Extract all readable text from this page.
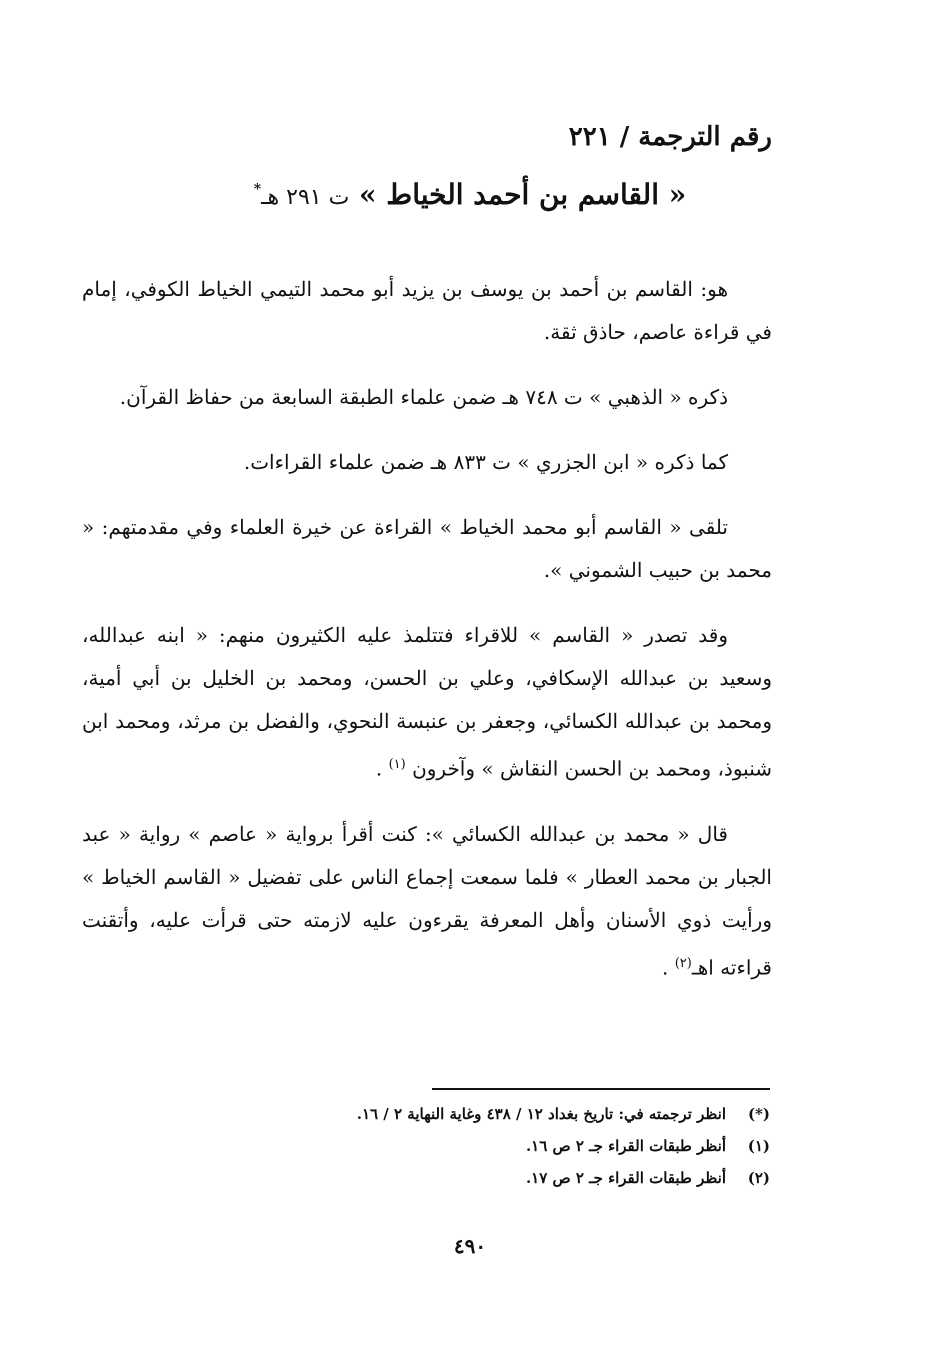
رقم الترجمة / ٢٢١
« القاسم بن أحمد الخياط » ت ٢٩١ هـ*

هو: القاسم بن أحمد بن يوسف بن يزيد أبو محمد التيمي الخياط الكوفي، إمام في قراءة عاصم، حاذق ثقة.

ذكره « الذهبي » ت ٧٤٨ هـ ضمن علماء الطبقة السابعة من حفاظ القرآن.

كما ذكره « ابن الجزري » ت ٨٣٣ هـ ضمن علماء القراءات.

تلقى « القاسم أبو محمد الخياط » القراءة عن خيرة العلماء وفي مقدمتهم: « محمد بن حبيب الشموني ».

وقد تصدر « القاسم » للاقراء فتتلمذ عليه الكثيرون منهم: « ابنه عبدالله، وسعيد بن عبدالله الإسكافي، وعلي بن الحسن، ومحمد بن الخليل بن أبي أمية، ومحمد بن عبدالله الكسائي، وجعفر بن عنبسة النحوي، والفضل بن مرثد، ومحمد ابن شنبوذ، ومحمد بن الحسن النقاش » وآخرون $^{(١)}$ .

قال « محمد بن عبدالله الكسائي »: كنت أقرأ برواية « عاصم » رواية « عبد الجبار بن محمد العطار » فلما سمعت إجماع الناس على تفضيل « القاسم الخياط » ورأيت ذوي الأسنان وأهل المعرفة يقرءون عليه لازمته حتى قرأت عليه، وأتقنت قراءته اهـ$^{(٢)}$ .

(*)
انظر ترجمته في: تاريخ بغداد ١٢ / ٤٣٨ وغاية النهاية ٢ / ١٦.
(١)
أنظر طبقات القراء جـ ٢ ص ١٦.
(٢)
أنظر طبقات القراء جـ ٢ ص ١٧.
٤٩٠
